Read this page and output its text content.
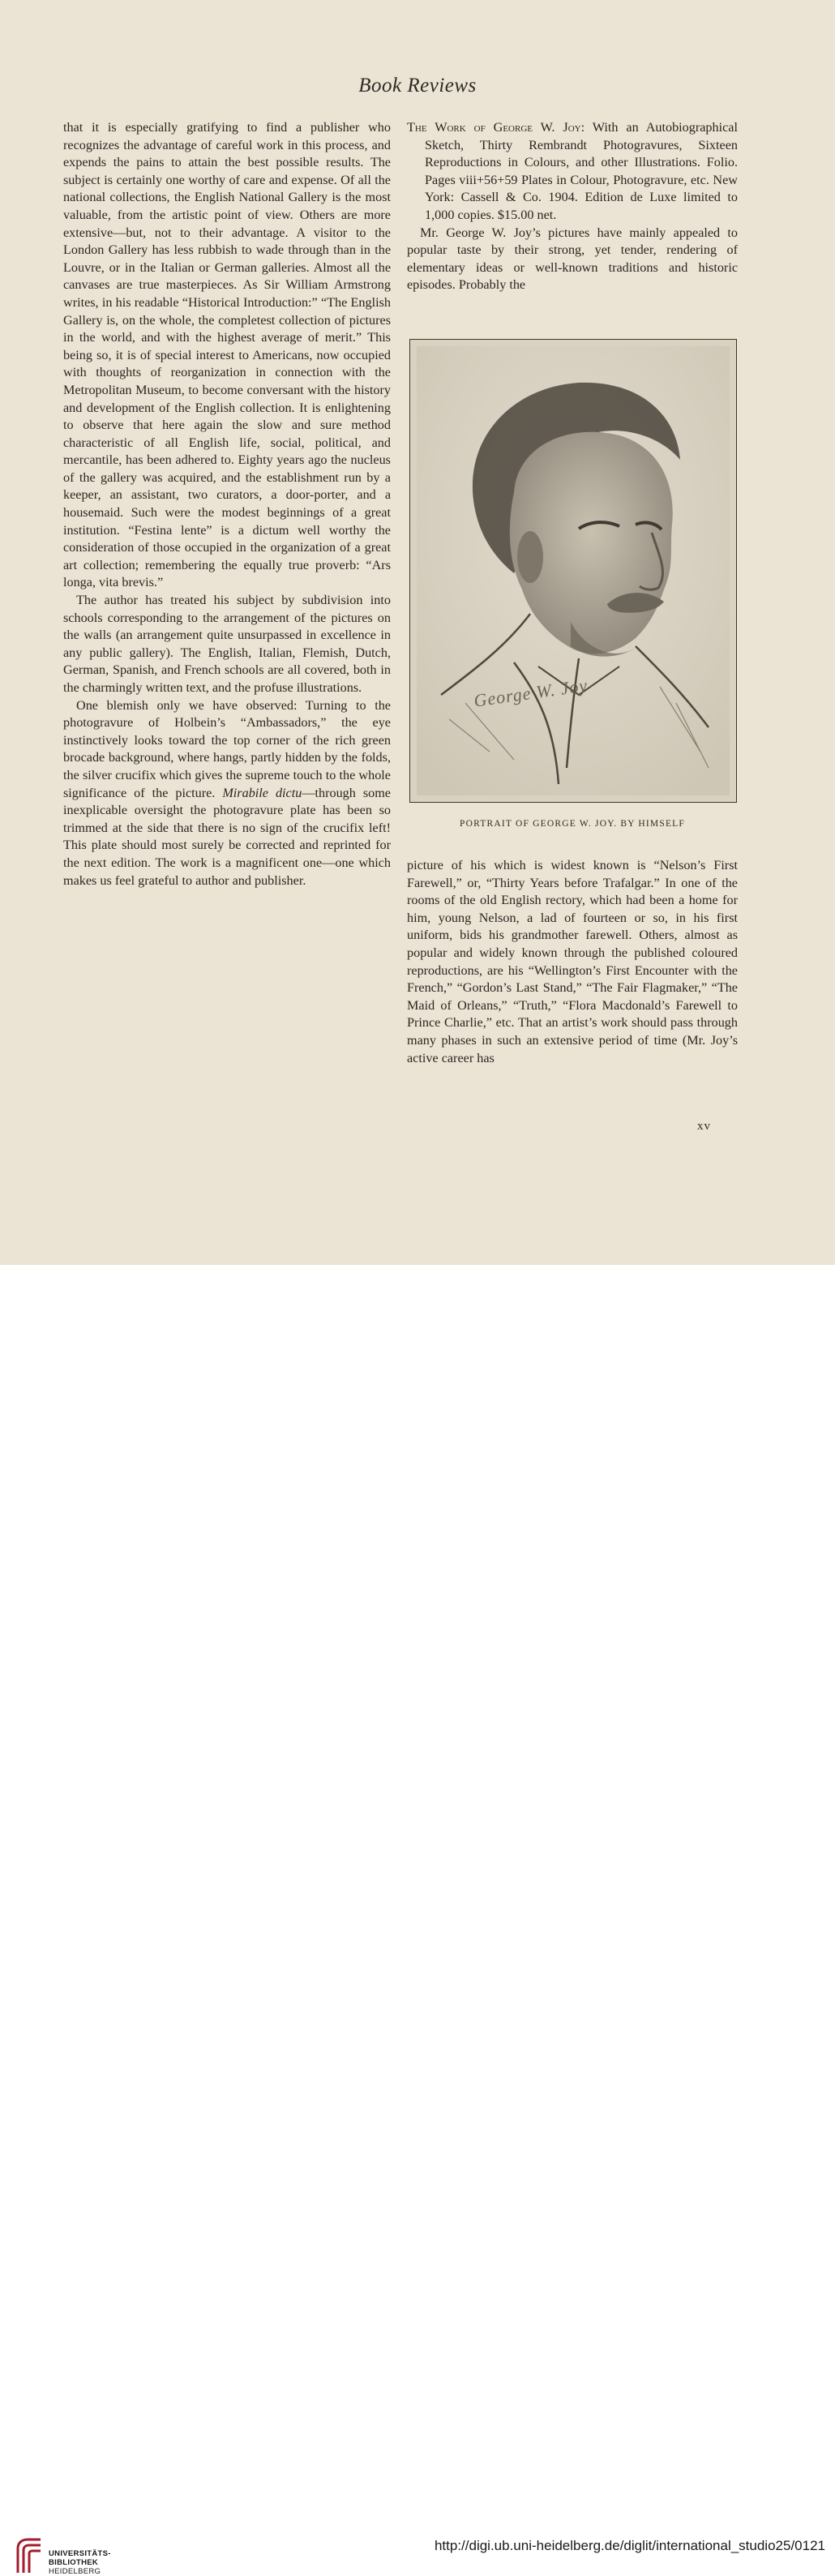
Book Reviews

that it is especially gratifying to find a publisher who recognizes the advantage of careful work in this process, and expends the pains to attain the best possible results. The subject is certainly one worthy of care and expense. Of all the national collections, the English National Gallery is the most valuable, from the artistic point of view. Others are more extensive—but, not to their advantage. A visitor to the London Gallery has less rubbish to wade through than in the Louvre, or in the Italian or German galleries. Almost all the canvases are true masterpieces. As Sir William Armstrong writes, in his readable “Historical Introduction:” “The English Gallery is, on the whole, the completest collection of pictures in the world, and with the highest average of merit.” This being so, it is of special interest to Americans, now occupied with thoughts of reorganization in connection with the Metropolitan Museum, to become conversant with the history and development of the English collection. It is enlightening to observe that here again the slow and sure method characteristic of all English life, social, political, and mercantile, has been adhered to. Eighty years ago the nucleus of the gallery was acquired, and the establishment run by a keeper, an assistant, two curators, a door-porter, and a housemaid. Such were the modest beginnings of a great institution. “Festina lente” is a dictum well worthy the consideration of those occupied in the organization of a great art collection; remembering the equally true proverb: “Ars longa, vita brevis.”

The author has treated his subject by subdivision into schools corresponding to the arrangement of the pictures on the walls (an arrangement quite unsurpassed in excellence in any public gallery). The English, Italian, Flemish, Dutch, German, Spanish, and French schools are all covered, both in the charmingly written text, and the profuse illustrations.

One blemish only we have observed: Turning to the photogravure of Holbein’s “Ambassadors,” the eye instinctively looks toward the top corner of the rich green brocade background, where hangs, partly hidden by the folds, the silver crucifix which gives the supreme touch to the whole significance of the picture. Mirabile dictu—through some inexplicable oversight the photogravure plate has been so trimmed at the side that there is no sign of the crucifix left! This plate should most surely be corrected and reprinted for the next edition. The work is a magnificent one—one which makes us feel grateful to author and publisher.

The Work of George W. Joy: With an Autobiographical Sketch, Thirty Rembrandt Photogravures, Sixteen Reproductions in Colours, and other Illustrations. Folio. Pages viii+56+59 Plates in Colour, Photogravure, etc. New York: Cassell & Co. 1904. Edition de Luxe limited to 1,000 copies. $15.00 net.

Mr. George W. Joy’s pictures have mainly appealed to popular taste by their strong, yet tender, rendering of elementary ideas or well-known traditions and historic episodes. Probably the

George W. Joy
PORTRAIT OF GEORGE W. JOY. BY HIMSELF

picture of his which is widest known is “Nelson’s First Farewell,” or, “Thirty Years before Trafalgar.” In one of the rooms of the old English rectory, which had been a home for him, young Nelson, a lad of fourteen or so, in his first uniform, bids his grandmother farewell. Others, almost as popular and widely known through the published coloured reproductions, are his “Wellington’s First Encounter with the French,” “Gordon’s Last Stand,” “The Fair Flagmaker,” “The Maid of Orleans,” “Truth,” “Flora Macdonald’s Farewell to Prince Charlie,” etc. That an artist’s work should pass through many phases in such an extensive period of time (Mr. Joy’s active career has

xv
UNIVERSITÄTS-
BIBLIOTHEK
HEIDELBERG
http://digi.ub.uni-heidelberg.de/diglit/international_studio25/0121
